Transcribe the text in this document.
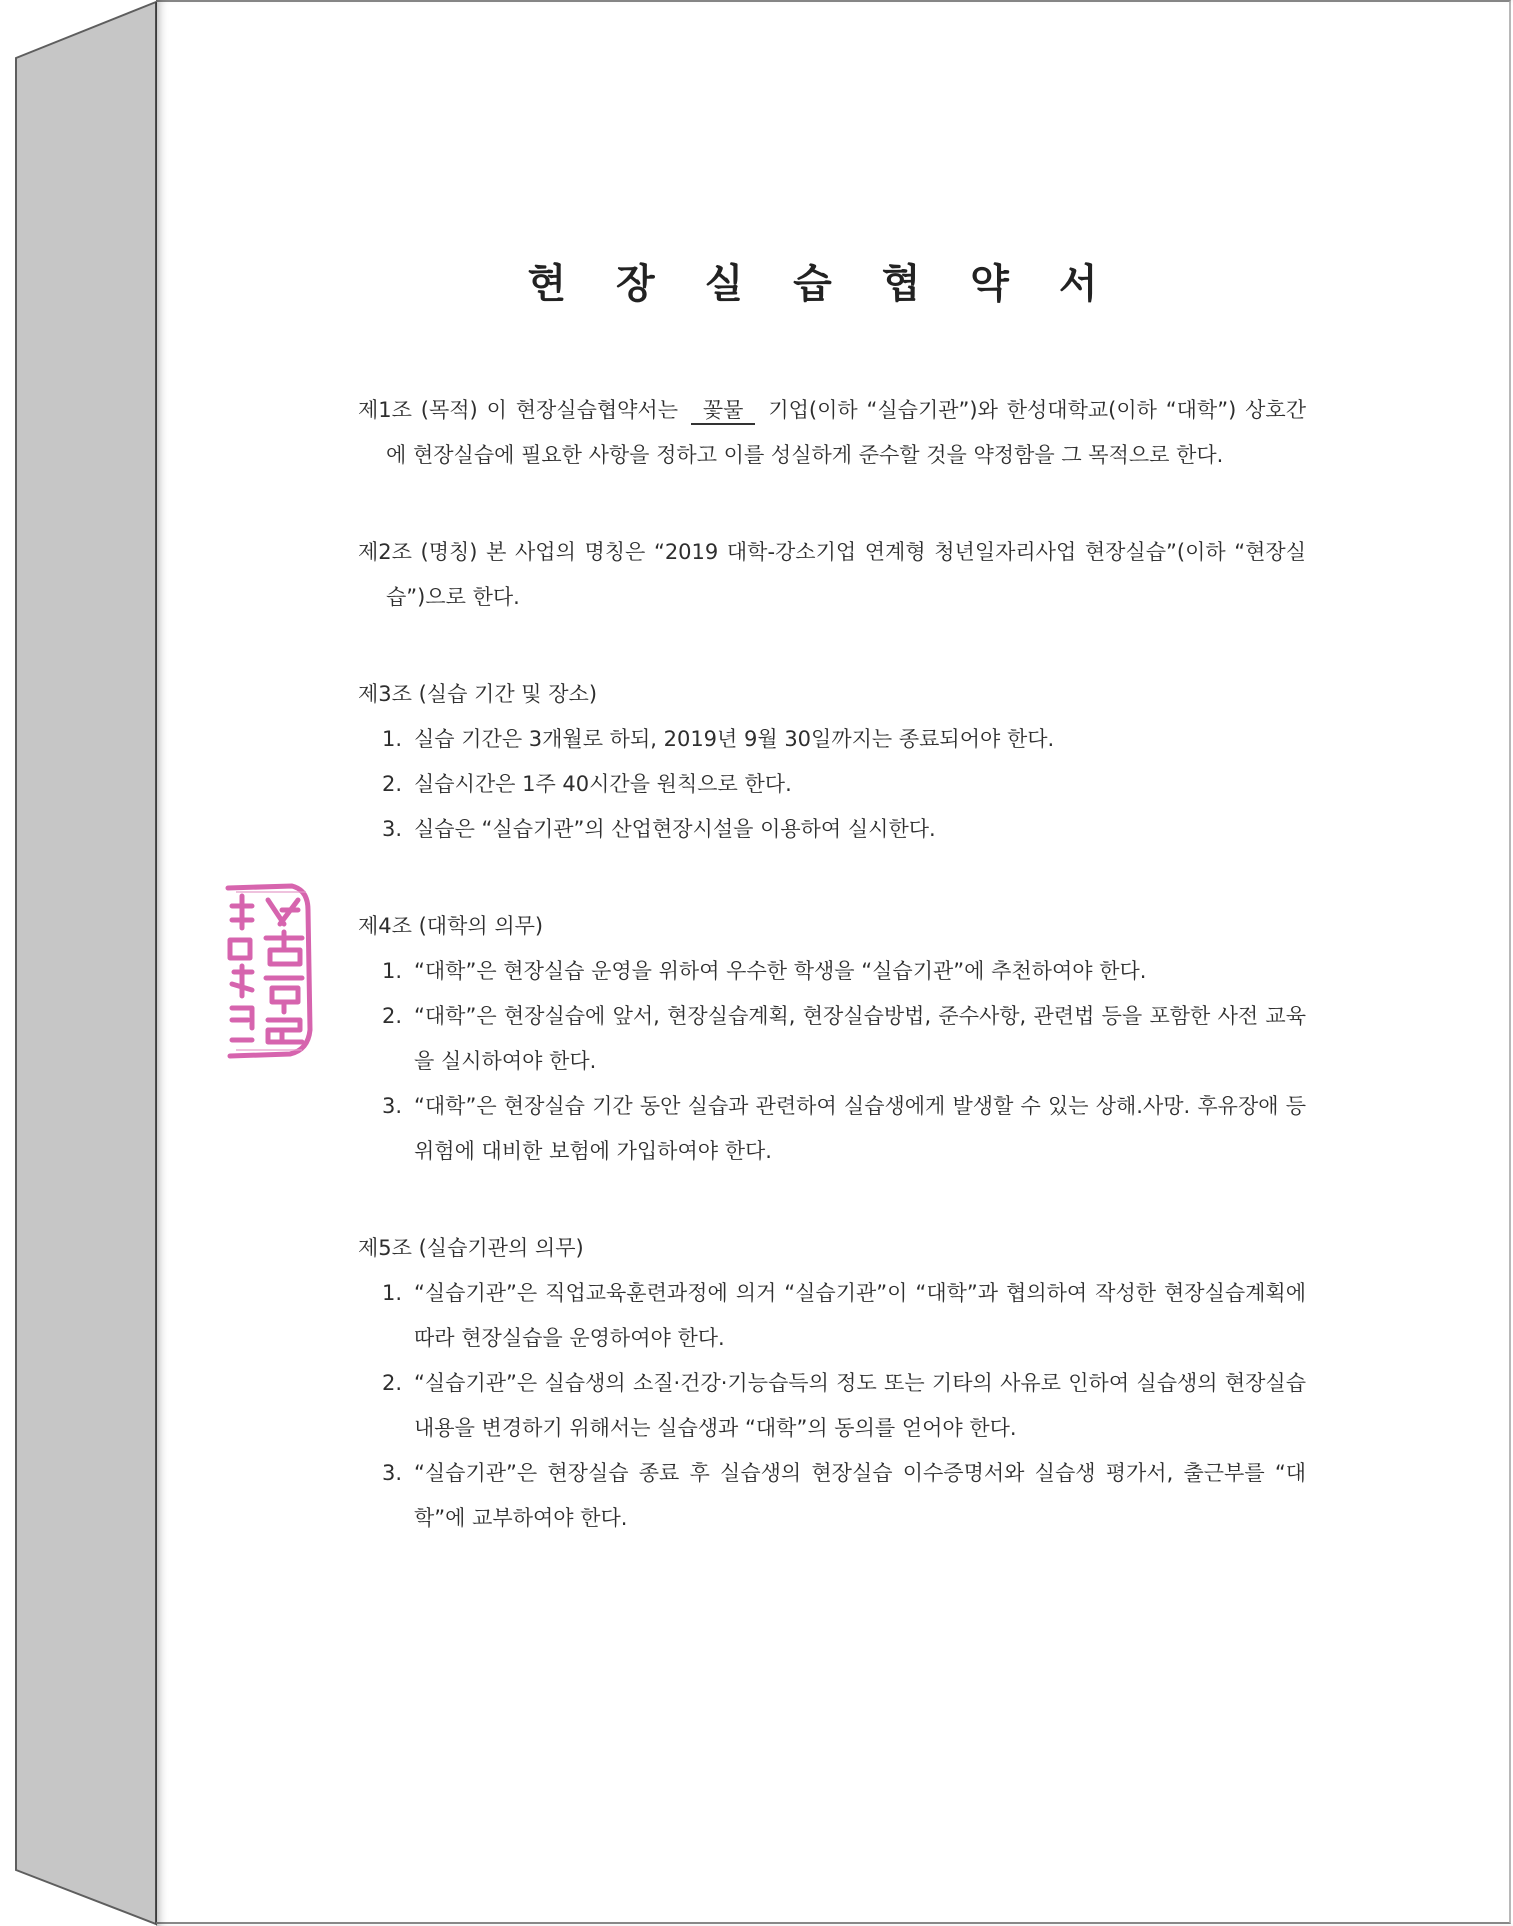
현 장 실 습 협 약 서
제1조 (목적) 이 현장실습협약서는 꽃물 기업(이하 “실습기관”)와 한성대학교(이하 “대학”) 상호간에 현장실습에 필요한 사항을 정하고 이를 성실하게 준수할 것을 약정함을 그 목적으로 한다.
제2조 (명칭) 본 사업의 명칭은 “2019 대학-강소기업 연계형 청년일자리사업 현장실습”(이하 “현장실습”)으로 한다.
제3조 (실습 기간 및 장소)
1. 실습 기간은 3개월로 하되, 2019년 9월 30일까지는 종료되어야 한다.
2. 실습시간은 1주 40시간을 원칙으로 한다.
3. 실습은 “실습기관”의 산업현장시설을 이용하여 실시한다.
제4조 (대학의 의무)
1. “대학”은 현장실습 운영을 위하여 우수한 학생을 “실습기관”에 추천하여야 한다.
2. “대학”은 현장실습에 앞서, 현장실습계획, 현장실습방법, 준수사항, 관련법 등을 포함한 사전 교육을 실시하여야 한다.
3. “대학”은 현장실습 기간 동안 실습과 관련하여 실습생에게 발생할 수 있는 상해.사망. 후유장애 등 위험에 대비한 보험에 가입하여야 한다.
제5조 (실습기관의 의무)
1. “실습기관”은 직업교육훈련과정에 의거 “실습기관”이 “대학”과 협의하여 작성한 현장실습계획에 따라 현장실습을 운영하여야 한다.
2. “실습기관”은 실습생의 소질·건강·기능습득의 정도 또는 기타의 사유로 인하여 실습생의 현장실습내용을 변경하기 위해서는 실습생과 “대학”의 동의를 얻어야 한다.
3. “실습기관”은 현장실습 종료 후 실습생의 현장실습 이수증명서와 실습생 평가서, 출근부를 “대학”에 교부하여야 한다.
